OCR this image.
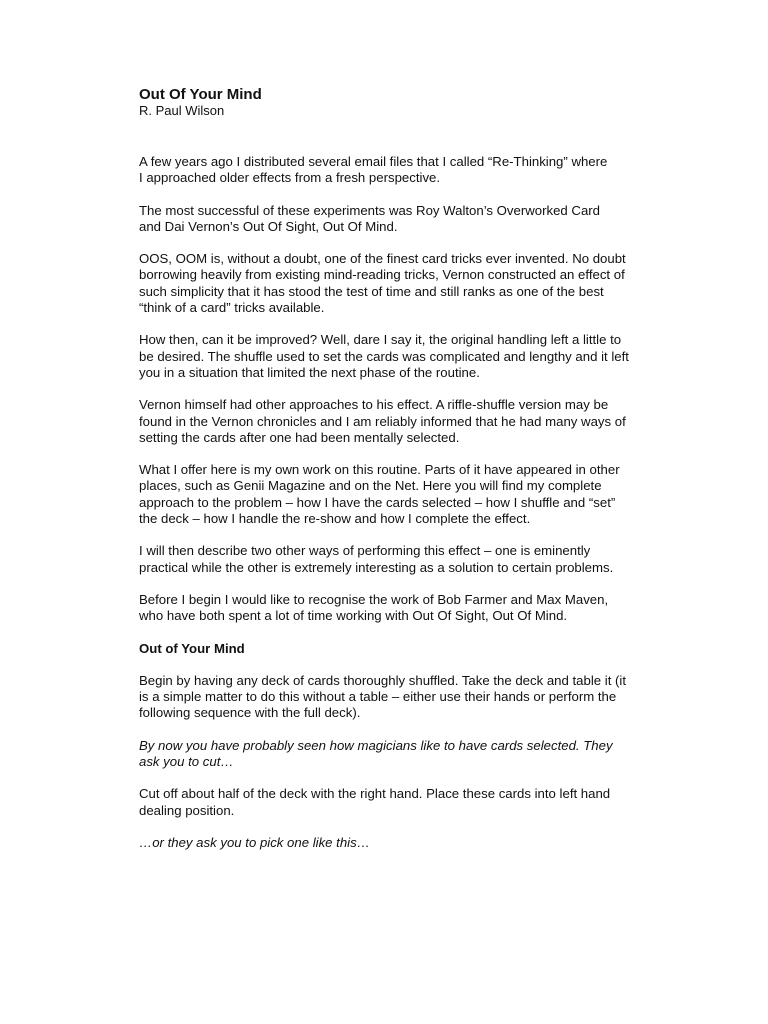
Out Of Your Mind

R. Paul Wilson

A few years ago I distributed several email files that I called “Re-Thinking” where I approached older effects from a fresh perspective.

The most successful of these experiments was Roy Walton’s Overworked Card and Dai Vernon’s Out Of Sight, Out Of Mind.

OOS, OOM is, without a doubt, one of the finest card tricks ever invented. No doubt borrowing heavily from existing mind-reading tricks, Vernon constructed an effect of such simplicity that it has stood the test of time and still ranks as one of the best “think of a card” tricks available.

How then, can it be improved? Well, dare I say it, the original handling left a little to be desired. The shuffle used to set the cards was complicated and lengthy and it left you in a situation that limited the next phase of the routine.

Vernon himself had other approaches to his effect. A riffle-shuffle version may be found in the Vernon chronicles and I am reliably informed that he had many ways of setting the cards after one had been mentally selected.

What I offer here is my own work on this routine. Parts of it have appeared in other places, such as Genii Magazine and on the Net. Here you will find my complete approach to the problem – how I have the cards selected – how I shuffle and “set” the deck – how I handle the re-show and how I complete the effect.

I will then describe two other ways of performing this effect – one is eminently practical while the other is extremely interesting as a solution to certain problems.

Before I begin I would like to recognise the work of Bob Farmer and Max Maven, who have both spent a lot of time working with Out Of Sight, Out Of Mind.

Out of Your Mind

Begin by having any deck of cards thoroughly shuffled. Take the deck and table it (it is a simple matter to do this without a table – either use their hands or perform the following sequence with the full deck).

By now you have probably seen how magicians like to have cards selected. They ask you to cut…

Cut off about half of the deck with the right hand. Place these cards into left hand dealing position.

…or they ask you to pick one like this…
